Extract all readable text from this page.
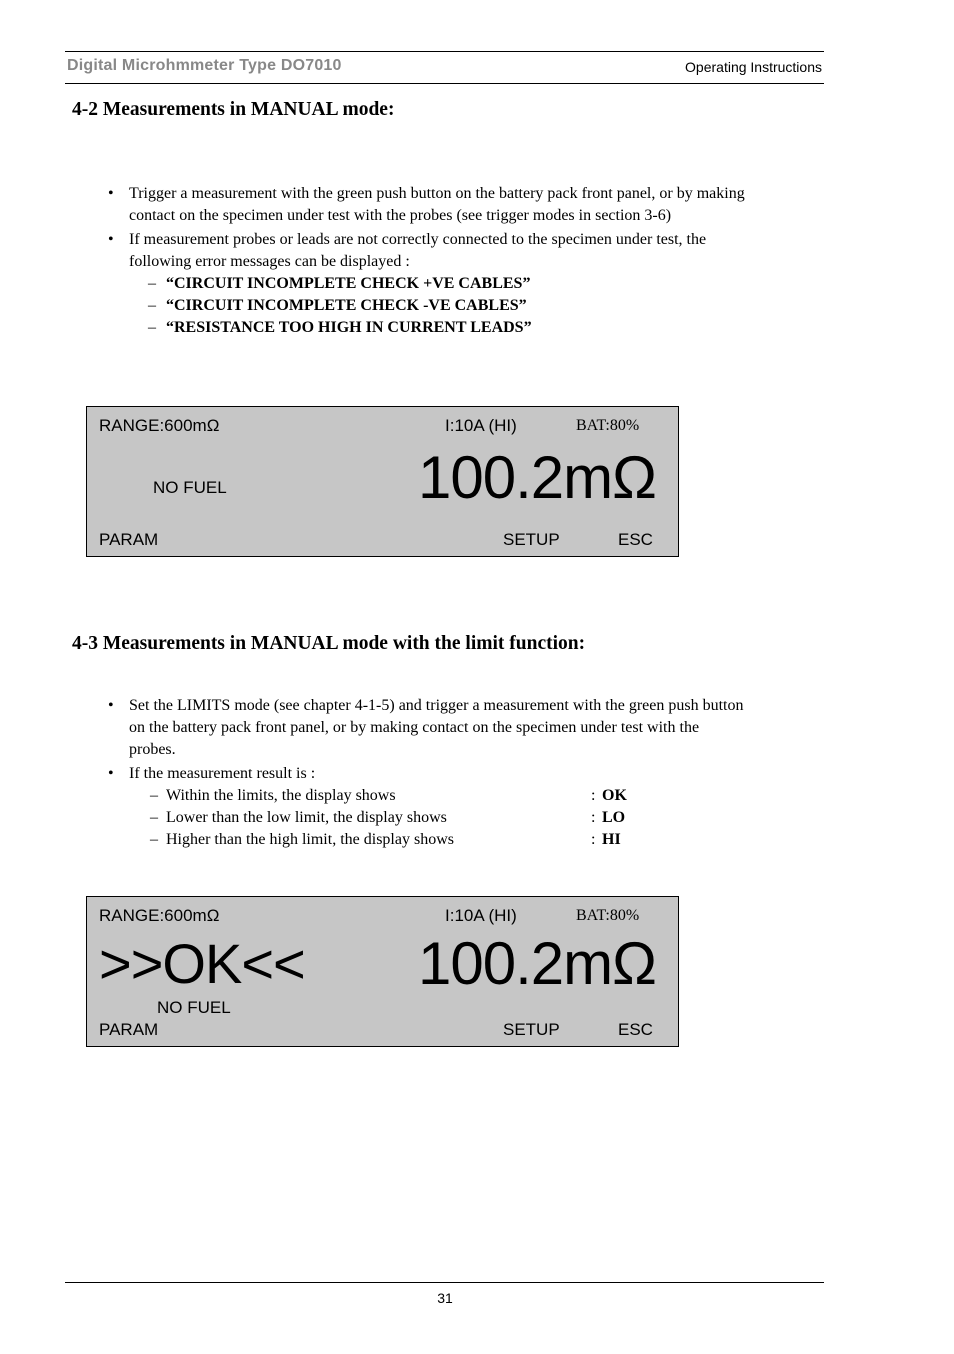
Digital Microhmmeter Type DO7010	Operating Instructions
4-2 Measurements in MANUAL mode:
• Trigger a measurement with the green push button on the battery pack front panel, or by making contact on the specimen under test with the probes (see trigger modes in section 3-6)
• If measurement probes or leads are not correctly connected to the specimen under test, the following error messages can be displayed :
– “CIRCUIT INCOMPLETE CHECK +VE CABLES”
– “CIRCUIT INCOMPLETE CHECK -VE CABLES”
– “RESISTANCE TOO HIGH IN CURRENT LEADS”
RANGE:600mΩ	I:10A (HI)	BAT:80%
100.2mΩ
NO FUEL
PARAM	SETUP	ESC
4-3 Measurements in MANUAL mode with the limit function:
• Set the LIMITS mode (see chapter 4-1-5) and trigger a measurement with the green push button on the battery pack front panel, or by making contact on the specimen under test with the probes.
• If the measurement result is :
– Within the limits, the display shows	: OK
– Lower than the low limit, the display shows	: LO
– Higher than the high limit, the display shows	: HI
RANGE:600mΩ	I:10A (HI)	BAT:80%
>>OK<< 100.2mΩ
NO FUEL
PARAM	SETUP	ESC
31
